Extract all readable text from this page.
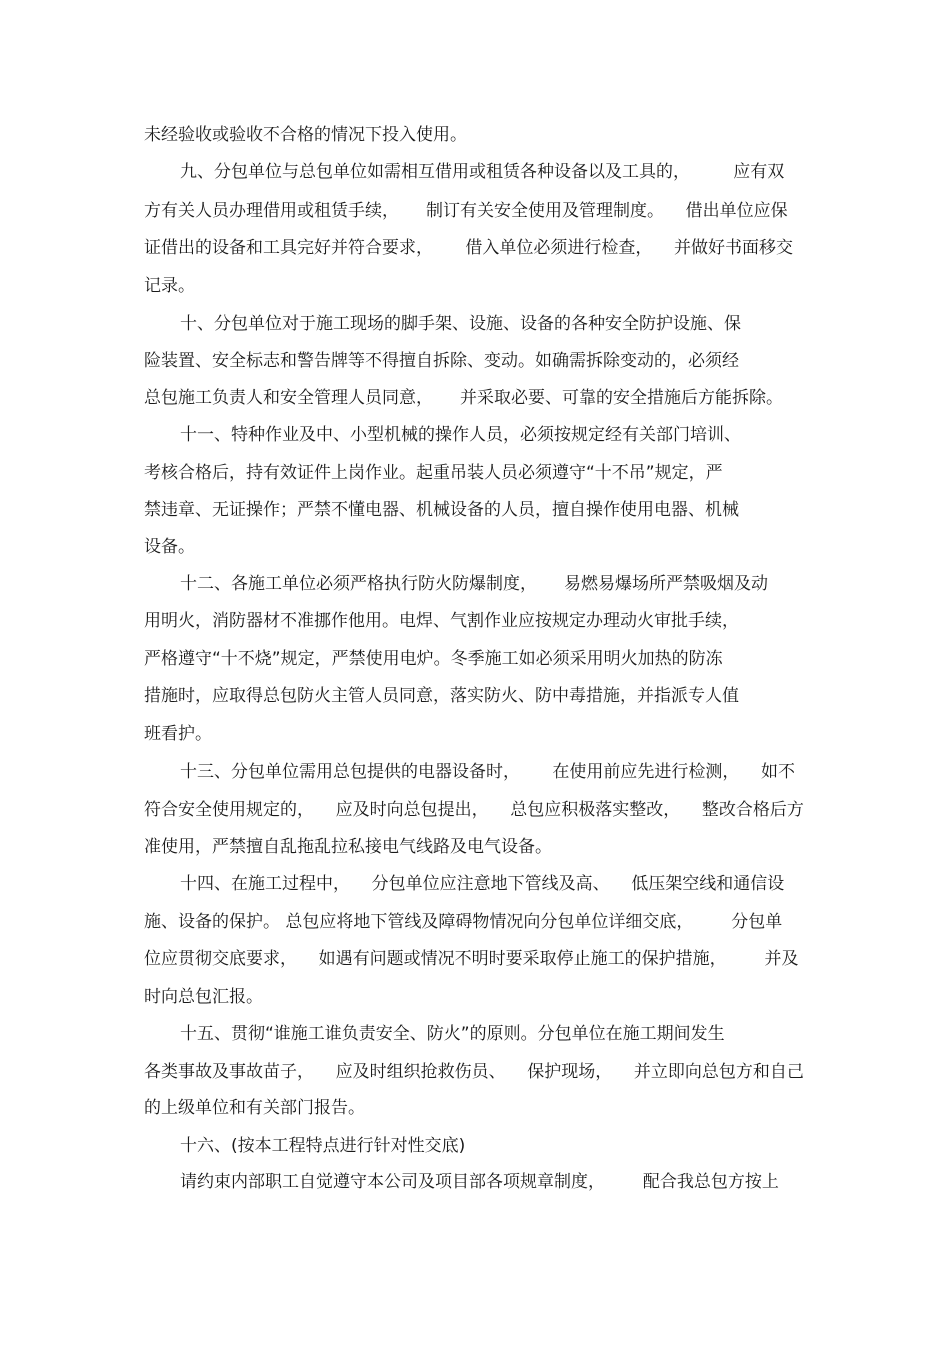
未经验收或验收不合格的情况下投入使用。

九、分包单位与总包单位如需相互借用或租赁各种设备以及工具的，        应有双

方有关人员办理借用或租赁手续，     制订有关安全使用及管理制度。    借出单位应保

证借出的设备和工具完好并符合要求，      借入单位必须进行检查，    并做好书面移交

记录。

十、分包单位对于施工现场的脚手架、设施、设备的各种安全防护设施、保

险装置、安全标志和警告牌等不得擅自拆除、变动。如确需拆除变动的，必须经

总包施工负责人和安全管理人员同意，     并采取必要、可靠的安全措施后方能拆除。

十一、特种作业及中、小型机械的操作人员，必须按规定经有关部门培训、

考核合格后，持有效证件上岗作业。起重吊装人员必须遵守“十不吊”规定，严

禁违章、无证操作；严禁不懂电器、机械设备的人员，擅自操作使用电器、机械

设备。

十二、各施工单位必须严格执行防火防爆制度，     易燃易爆场所严禁吸烟及动

用明火，消防器材不准挪作他用。电焊、气割作业应按规定办理动火审批手续，

严格遵守“十不烧”规定，严禁使用电炉。冬季施工如必须采用明火加热的防冻

措施时，应取得总包防火主管人员同意，落实防火、防中毒措施，并指派专人值

班看护。

十三、分包单位需用总包提供的电器设备时，      在使用前应先进行检测，    如不

符合安全使用规定的，    应及时向总包提出，    总包应积极落实整改，    整改合格后方

准使用，严禁擅自乱拖乱拉私接电气线路及电气设备。

十四、在施工过程中，    分包单位应注意地下管线及高、    低压架空线和通信设

施、设备的保护。 总包应将地下管线及障碍物情况向分包单位详细交底，       分包单

位应贯彻交底要求，    如遇有问题或情况不明时要采取停止施工的保护措施，       并及

时向总包汇报。

十五、贯彻“谁施工谁负责安全、防火”的原则。分包单位在施工期间发生

各类事故及事故苗子，    应及时组织抢救伤员、    保护现场，    并立即向总包方和自己

的上级单位和有关部门报告。

十六、(按本工程特点进行针对性交底)

请约束内部职工自觉遵守本公司及项目部各项规章制度，       配合我总包方按上
